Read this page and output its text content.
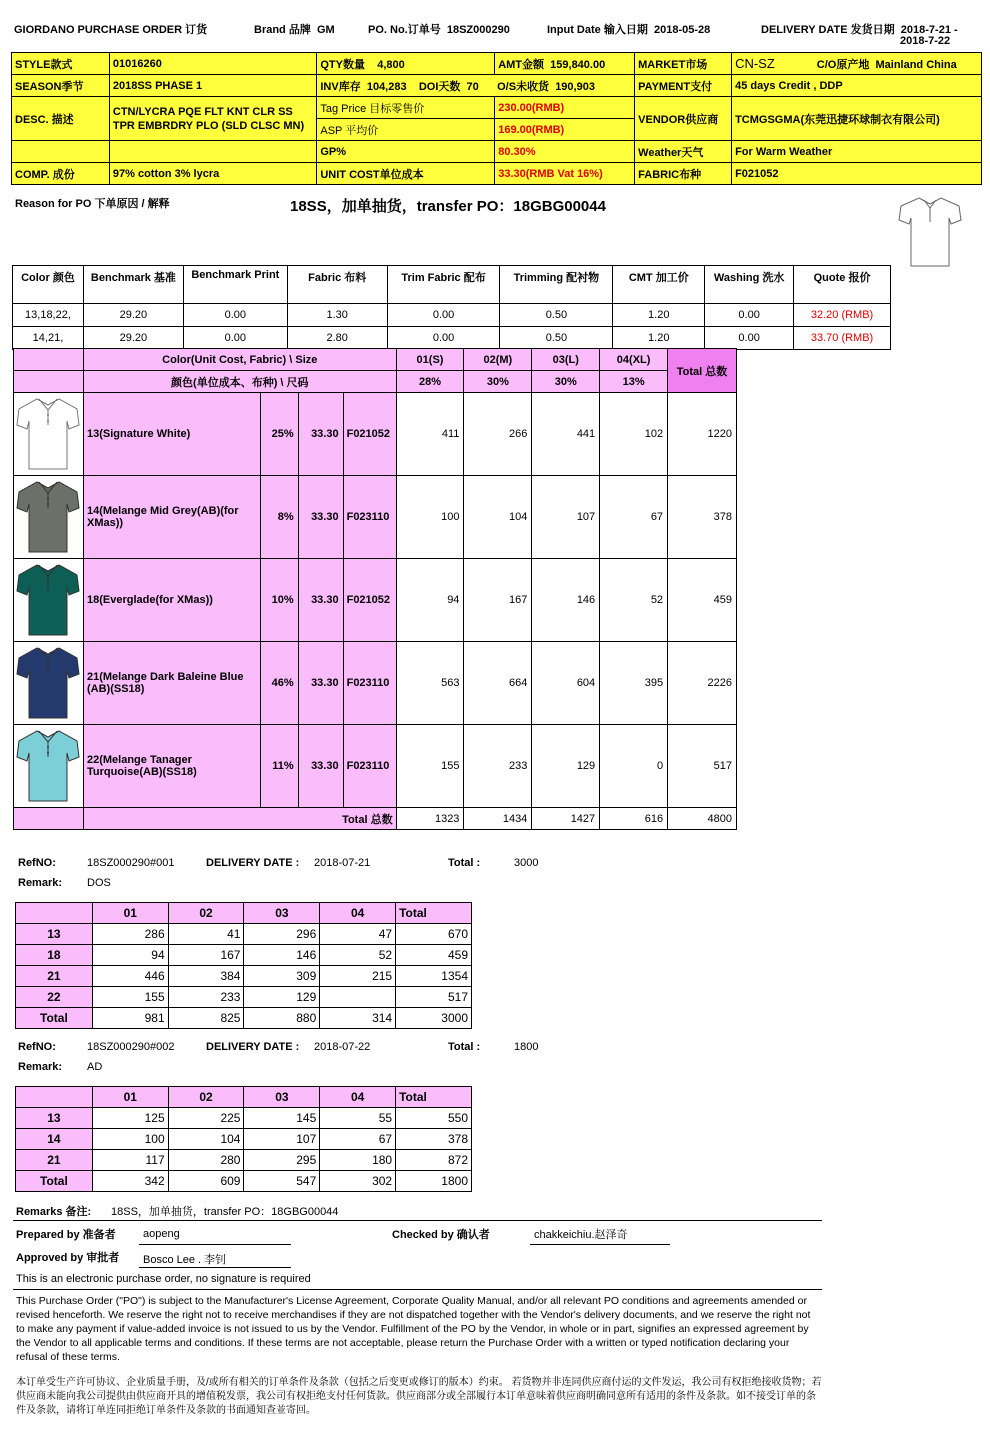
GIORDANO PURCHASE ORDER 订货	Brand 品牌 GM	PO. No.订单号 18SZ000290	Input Date 输入日期 2018-05-28	DELIVERY DATE 发货日期 2018-7-21 -
2018-7-22
STYLE款式	01016260	QTY数量 4,800	AMT金额 159,840.00	MARKET市场	CN-SZ C/O原产地 Mainland China
SEASON季节	2018SS PHASE 1	INV库存 104,283 DOI天数 70 O/S未收货 190,903		PAYMENT支付	45 days Credit , DDP
DESC. 描述	CTN/LYCRA PQE FLT KNT CLR SS TPR EMBRDRY PLO (SLD CLSC MN)	Tag Price 目标零售价	230.00(RMB)	VENDOR供应商	TCMGSGMA(东莞迅捷环球制衣有限公司)
		ASP 平均价	169.00(RMB)		
		GP%	80.30%	Weather天气	For Warm Weather
COMP. 成份	97% cotton 3% lycra	UNIT COST单位成本	33.30(RMB Vat 16%)	FABRIC布种	F021052
Reason for PO 下单原因 / 解释	18SS，加单抽货，transfer PO：18GBG00044
Color 颜色	Benchmark 基准	Benchmark Print	Fabric 布料	Trim Fabric 配布	Trimming 配衬物	CMT 加工价	Washing 洗水	Quote 报价
13,18,22,	29.20	0.00	1.30	0.00	0.50	1.20	0.00	32.20 (RMB)
14,21,	29.20	0.00	2.80	0.00	0.50	1.20	0.00	33.70 (RMB)
	Color(Unit Cost, Fabric) \ Size				01(S)	02(M)	03(L)	04(XL)	Total 总数
	颜色(单位成本、布种) \ 尺码				28%	30%	30%	13%	

	13(Signature White)	25%	33.30	F021052	411	266	441	102	1220

	14(Melange Mid Grey(AB)(for XMas))	8%	33.30	F023110	100	104	107	67	378

	18(Everglade(for XMas))	10%	33.30	F021052	94	167	146	52	459

	21(Melange Dark Baleine Blue (AB)(SS18)	46%	33.30	F023110	563	664	604	395	2226

	22(Melange Tanager Turquoise(AB)(SS18)	11%	33.30	F023110	155	233	129	0	517
	Total 总数				1323	1434	1427	616	4800
RefNO:	18SZ000290#001	DELIVERY DATE : 2018-07-21	Total :	3000
Remark: DOS
	01	02	03	04	Total
13	286	41	296	47	670
18	94	167	146	52	459
21	446	384	309	215	1354
22	155	233	129		517
Total	981	825	880	314	3000
RefNO:	18SZ000290#002	DELIVERY DATE : 2018-07-22	Total :	1800
Remark: AD
	01	02	03	04	Total
13	125	225	145	55	550
14	100	104	107	67	378
21	117	280	295	180	872
Total	342	609	547	302	1800
Remarks 备注: 18SS，加单抽货，transfer PO：18GBG00044
Prepared by 准备者 aopeng	Checked by 确认者	chakkeichiu.赵泽奇
Approved by 审批者 Bosco Lee . 李钊
This is an electronic purchase order, no signature is required
This Purchase Order ("PO") is subject to the Manufacturer's License Agreement, Corporate Quality Manual, and/or all relevant PO conditions and agreements amended or revised henceforth. We reserve the right not to receive merchandises if they are not dispatched together with the Vendor's delivery documents, and we reserve the right not to make any payment if value-added invoice is not issued to us by the Vendor. Fulfillment of the PO by the Vendor, in whole or in part, signifies an expressed agreement by the Vendor to all applicable terms and conditions. If these terms are not acceptable, please return the Purchase Order with a written or typed notification declaring your refusal of these terms.
本订单受生产许可协议、企业质量手册，及/或所有相关的订单条件及条款（包括之后变更或修订的版本）约束。 若货物并非连同供应商付运的文件发运，我公司有权拒绝接收货物；若供应商未能向我公司提供由供应商开具的增值税发票，我公司有权拒绝支付任何货款。供应商部分或全部履行本订单意味着供应商明确同意所有适用的条件及条款。如不接受订单的条件及条款，请将订单连同拒绝订单条件及条款的书面通知查並寄回。
